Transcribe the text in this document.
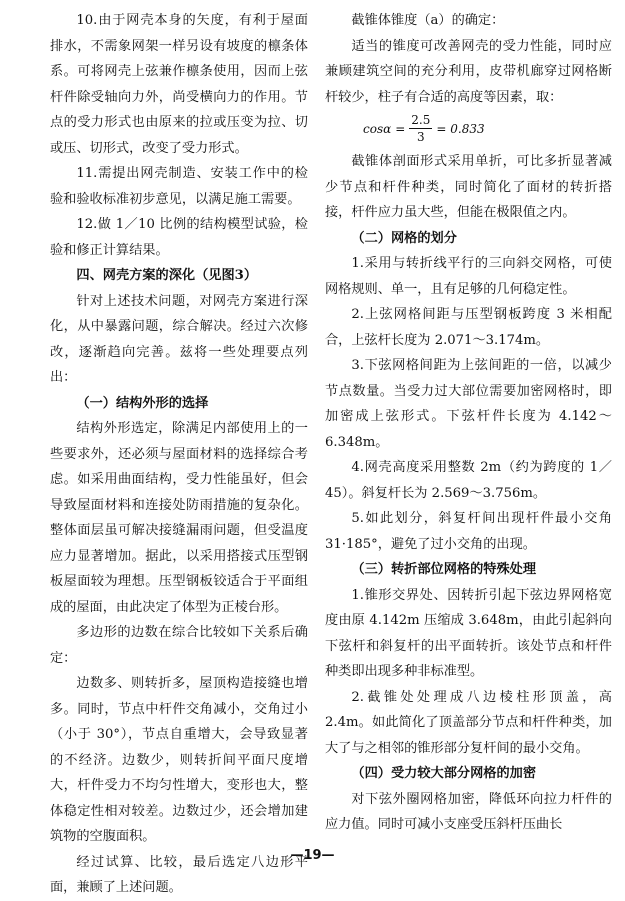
10.由于网壳本身的矢度，有利于屋面排水，不需象网架一样另设有坡度的檩条体系。可将网壳上弦兼作檩条使用，因而上弦杆件除受轴向力外，尚受横向力的作用。节点的受力形式也由原来的拉或压变为拉、切或压、切形式，改变了受力形式。

11.需提出网壳制造、安装工作中的检验和验收标准初步意见，以满足施工需要。

12.做 1／10 比例的结构模型试验，检验和修正计算结果。

四、网壳方案的深化（见图3）

针对上述技术问题，对网壳方案进行深化，从中暴露问题，综合解决。经过六次修改，逐渐趋向完善。兹将一些处理要点列出：

（一）结构外形的选择

结构外形选定，除满足内部使用上的一些要求外，还必须与屋面材料的选择综合考虑。如采用曲面结构，受力性能虽好，但会导致屋面材料和连接处防雨措施的复杂化。整体面层虽可解决接缝漏雨问题，但受温度应力显著增加。据此，以采用搭接式压型钢板屋面较为理想。压型钢板铰适合于平面组成的屋面，由此决定了体型为正棱台形。

多边形的边数在综合比较如下关系后确定：

边数多、则转折多，屋顶构造接缝也增多。同时，节点中杆件交角减小，交角过小（小于 30°），节点自重增大，会导致显著的不经济。边数少，则转折间平面尺度增大，杆件受力不均匀性增大，变形也大，整体稳定性相对较差。边数过少，还会增加建筑物的空腹面积。

经过试算、比较，最后选定八边形平面，兼顾了上述问题。

截锥体锥度（a）的确定：

适当的锥度可改善网壳的受力性能，同时应兼顾建筑空间的充分利用，皮带机廊穿过网格断杆较少，柱子有合适的高度等因素，取：

$\cos\alpha = \frac{2.5}{3} = 0.833$

截锥体剖面形式采用单折，可比多折显著减少节点和杆件种类，同时简化了面材的转折搭接，杆件应力虽大些，但能在极限值之内。

（二）网格的划分

1.采用与转折线平行的三向斜交网格，可使网格规则、单一，且有足够的几何稳定性。

2.上弦网格间距与压型钢板跨度 3 米相配合，上弦杆长度为 2.071～3.174m。

3.下弦网格间距为上弦间距的一倍，以减少节点数量。当受力过大部位需要加密网格时，即加密成上弦形式。下弦杆件长度为 4.142～6.348m。

4.网壳高度采用整数 2m（约为跨度的 1／45）。斜复杆长为 2.569～3.756m。

5.如此划分，斜复杆间出现杆件最小交角 31·185°，避免了过小交角的出现。

（三）转折部位网格的特殊处理

1.锥形交界处、因转折引起下弦边界网格宽度由原 4.142m 压缩成 3.648m，由此引起斜向下弦杆和斜复杆的出平面转折。该处节点和杆件种类即出现多种非标准型。

2.截锥处处理成八边棱柱形顶盖，高 2.4m。如此简化了顶盖部分节点和杆件种类，加大了与之相邻的锥形部分复杆间的最小交角。

（四）受力较大部分网格的加密

对下弦外圈网格加密，降低环向拉力杆件的应力值。同时可减小支座受压斜杆压曲长

—19—
